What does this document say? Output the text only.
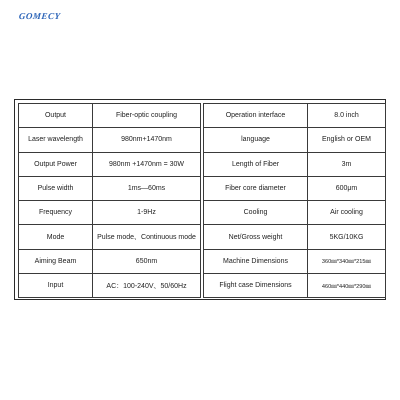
GOMECY
Output	Fiber-optic coupling
Laser wavelength	980nm+1470nm
Output Power	980nm +1470nm = 30W
Pulse width	1ms—60ms
Frequency	1-9Hz
Mode	Pulse mode、Continuous mode
Aiming Beam	650nm
Input	AC：100-240V、50/60Hz
Operation interface	8.0 inch
language	English or OEM
Length of Fiber	3m
Fiber core diameter	600μm
Cooling	Air cooling
Net/Gross weight	5KG/10KG
Machine Dimensions	360㎜*340㎜*215㎜
Flight case Dimensions	460㎜*440㎜*290㎜
